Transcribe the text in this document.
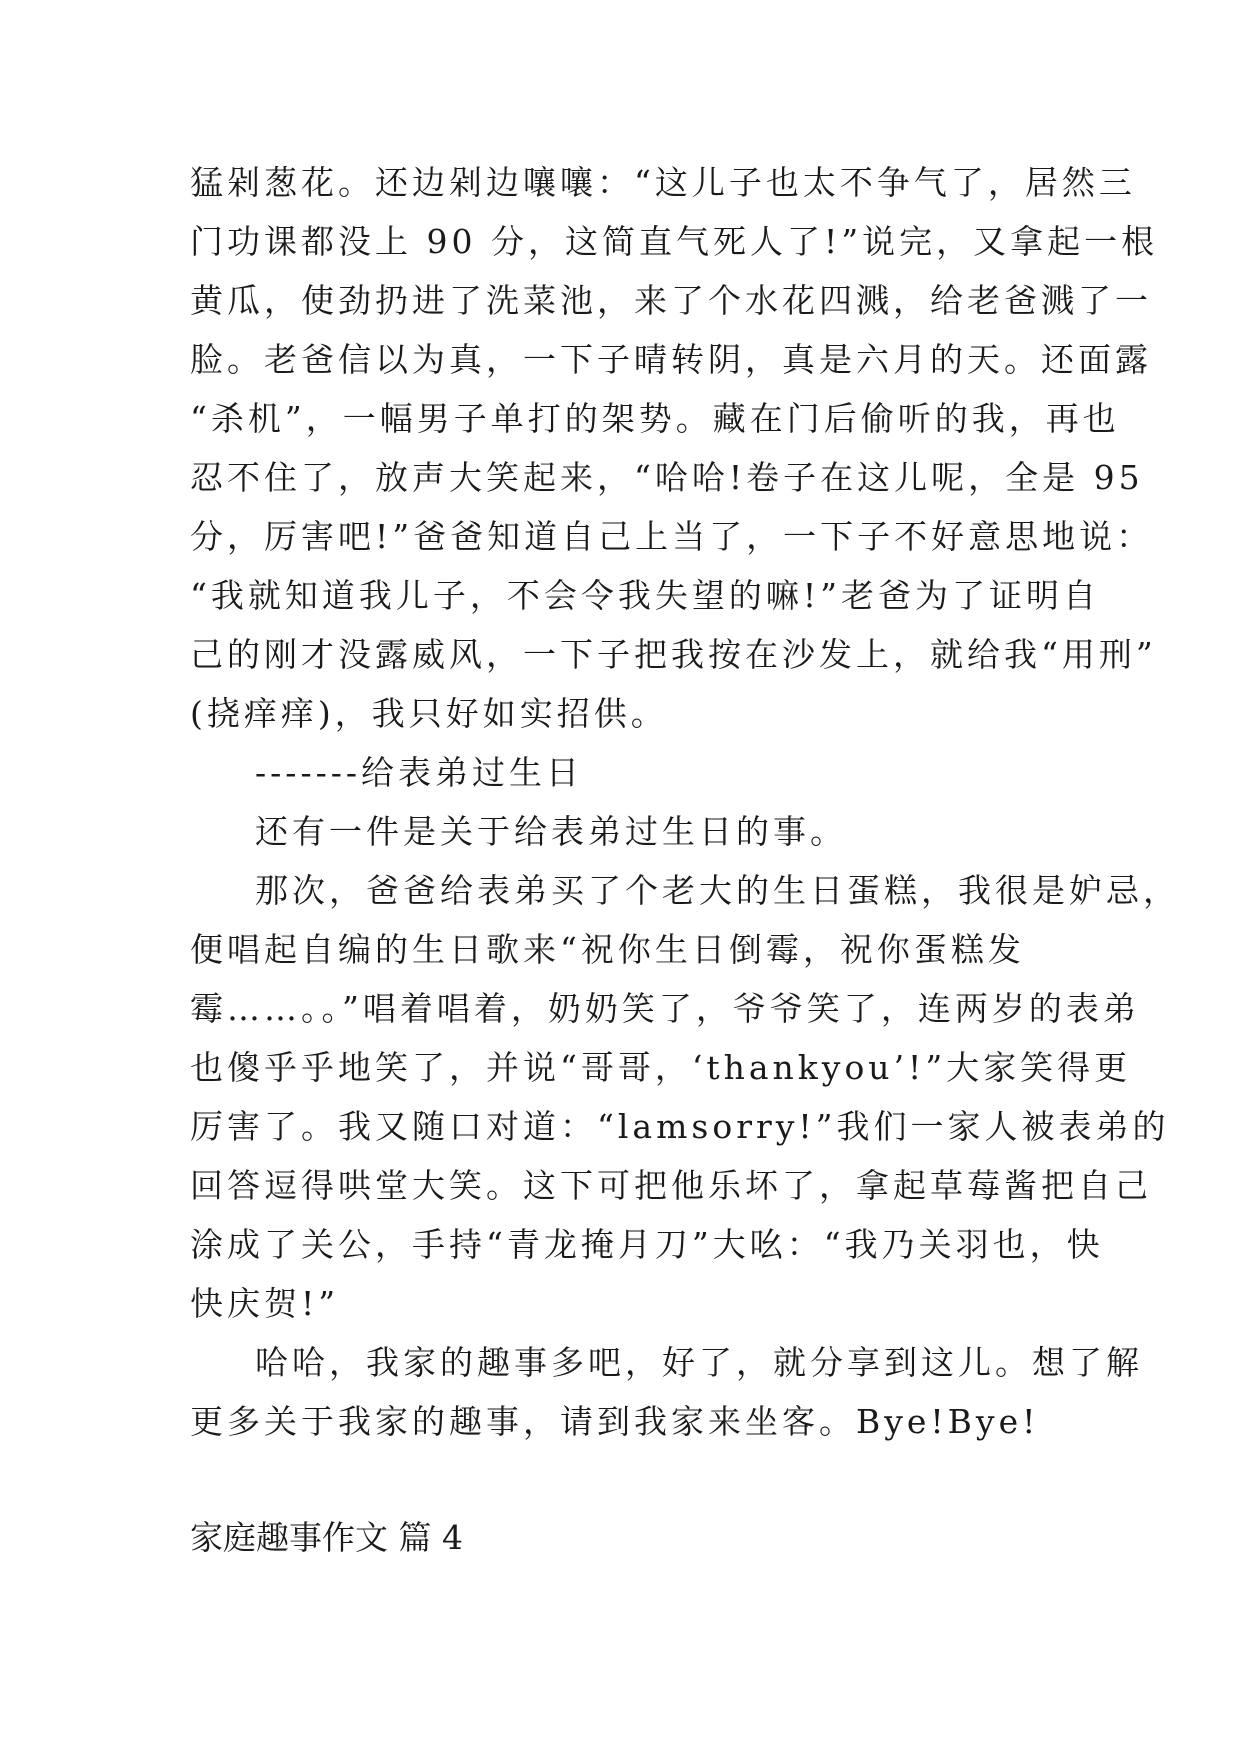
猛剁葱花。还边剁边嚷嚷：“这儿子也太不争气了，居然三
门功课都没上 90 分，这简直气死人了!”说完，又拿起一根
黄瓜，使劲扔进了洗菜池，来了个水花四溅，给老爸溅了一
脸。老爸信以为真，一下子晴转阴，真是六月的天。还面露
“杀机”，一幅男子单打的架势。藏在门后偷听的我，再也
忍不住了，放声大笑起来，“哈哈!卷子在这儿呢，全是 95
分，厉害吧!”爸爸知道自己上当了，一下子不好意思地说：
“我就知道我儿子，不会令我失望的嘛!”老爸为了证明自
己的刚才没露威风，一下子把我按在沙发上，就给我“用刑”
(挠痒痒)，我只好如实招供。
-------给表弟过生日
还有一件是关于给表弟过生日的事。
那次，爸爸给表弟买了个老大的生日蛋糕，我很是妒忌，
便唱起自编的生日歌来“祝你生日倒霉，祝你蛋糕发
霉……。。”唱着唱着，奶奶笑了，爷爷笑了，连两岁的表弟
也傻乎乎地笑了，并说“哥哥，‘thankyou’!”大家笑得更
厉害了。我又随口对道：“lamsorry!”我们一家人被表弟的
回答逗得哄堂大笑。这下可把他乐坏了，拿起草莓酱把自己
涂成了关公，手持“青龙掩月刀”大吆：“我乃关羽也，快
快庆贺!”
哈哈，我家的趣事多吧，好了，就分享到这儿。想了解
更多关于我家的趣事，请到我家来坐客。Bye!Bye!
家庭趣事作文 篇 4
